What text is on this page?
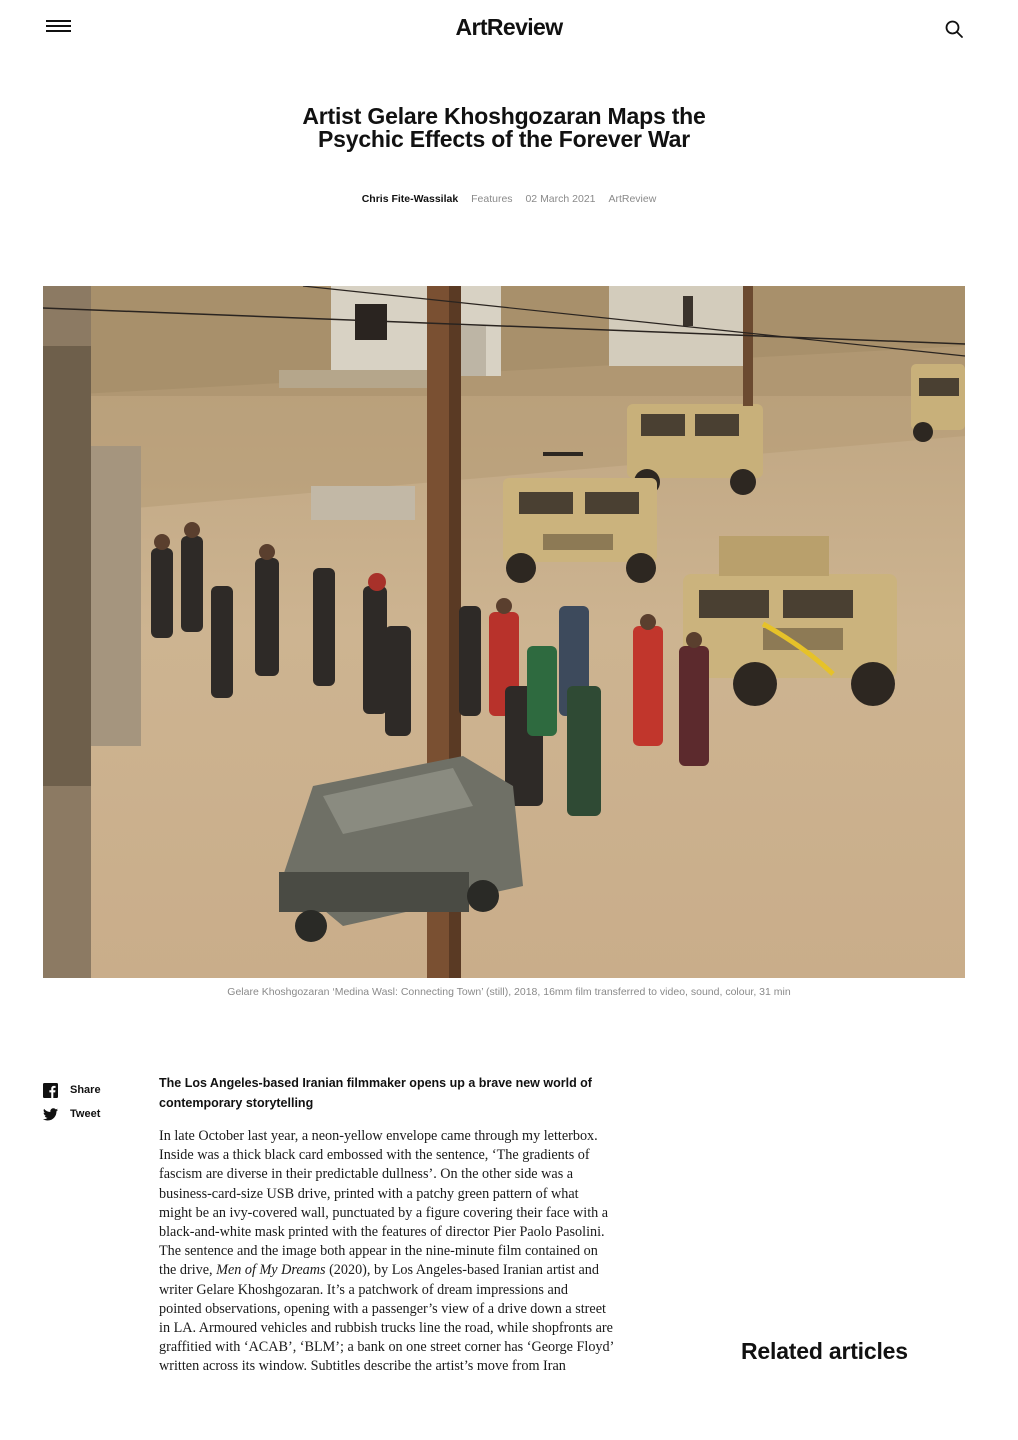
ArtReview
Artist Gelare Khoshgozaran Maps the Psychic Effects of the Forever War
Chris Fite-Wassilak Features 02 March 2021 ArtReview
Gelare Khoshgozaran ‘Medina Wasl: Connecting Town’ (still), 2018, 16mm film transferred to video, sound, colour, 31 min
Share
Tweet

The Los Angeles-based Iranian filmmaker opens up a brave new world of contemporary storytelling

In late October last year, a neon-yellow envelope came through my letterbox. Inside was a thick black card embossed with the sentence, ‘The gradients of fascism are diverse in their predictable dullness’. On the other side was a business-card-size USB drive, printed with a patchy green pattern of what might be an ivy-covered wall, punctuated by a figure covering their face with a black-and-white mask printed with the features of director Pier Paolo Pasolini. The sentence and the image both appear in the nine-minute film contained on the drive, Men of My Dreams (2020), by Los Angeles-based Iranian artist and writer Gelare Khoshgozaran. It’s a patchwork of dream impressions and pointed observations, opening with a passenger’s view of a drive down a street in LA. Armoured vehicles and rubbish trucks line the road, while shopfronts are graffitied with ‘ACAB’, ‘BLM’; a bank on one street corner has ‘George Floyd’ written across its window. Subtitles describe the artist’s move from Iran

Related articles
